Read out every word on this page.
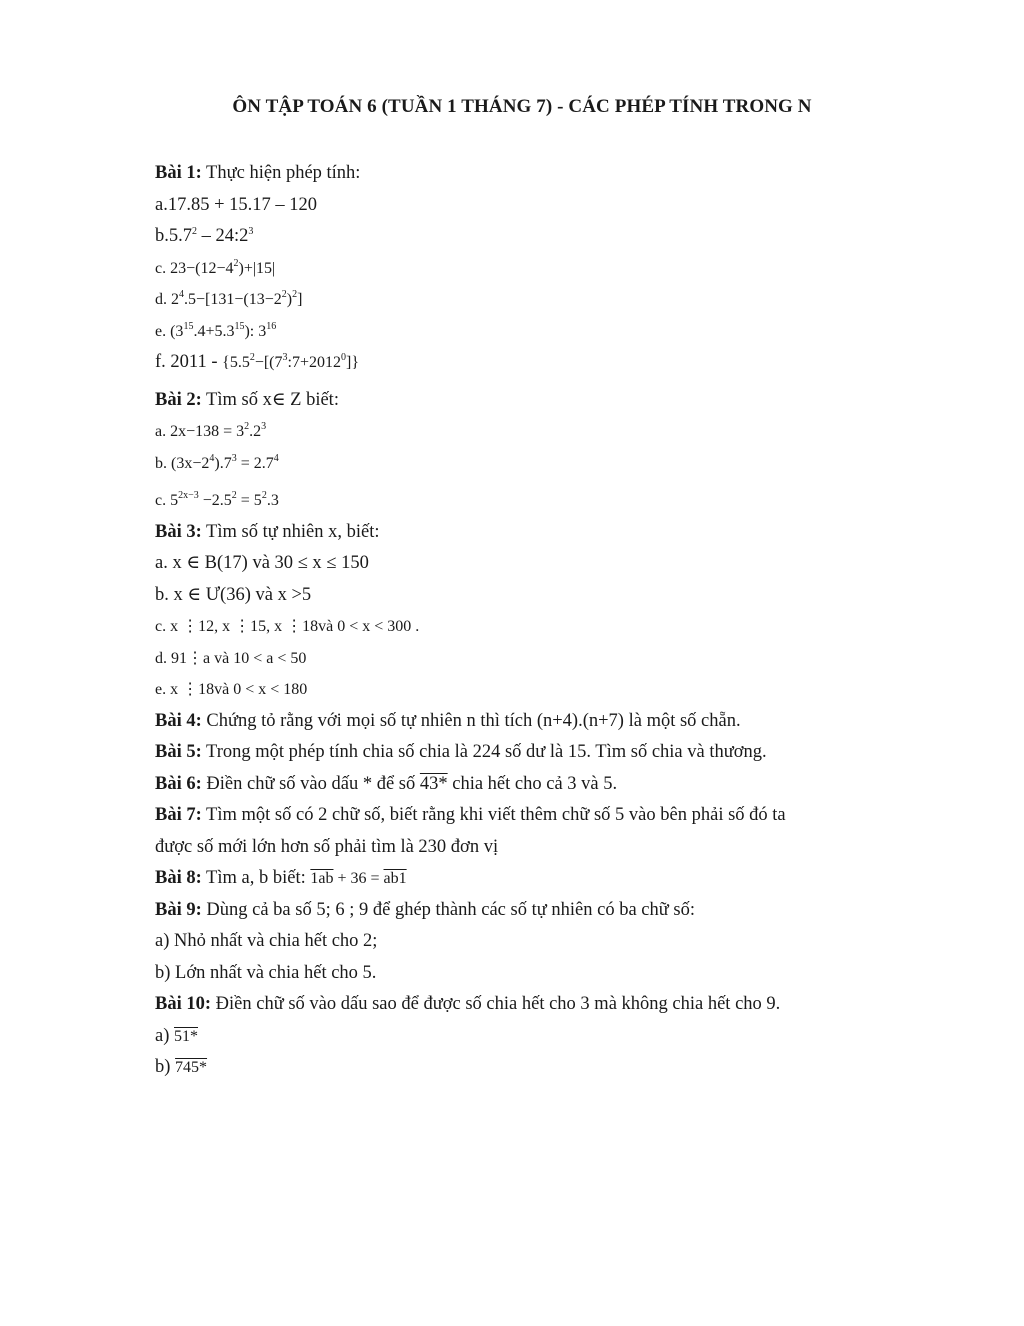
ÔN TẬP TOÁN 6 (TUẦN 1 THÁNG 7) - CÁC PHÉP TÍNH TRONG N
Bài 1: Thực hiện phép tính:
a.17.85 + 15.17 – 120
$b.5.7^2 - 24:2^3$
c. $23-(12-4^2)+|15|$
d. $2^4.5-[131-(13-2^2)^2]$
e. $(3^{15}.4+5.3^{15})$: $3^{16}$
f. $2011 - \{5.5^2-[(7^3:7+2012^0]\}$
Bài 2: Tìm số x∈ Z biết:
a. $2x-138 = 3^2.2^3$
b. $(3x-2^4).7^3 = 2.7^4$
c. $5^{2x-3} -2.5^2 = 5^2.3$
Bài 3: Tìm số tự nhiên x, biết:
a. x ∈ B(17) và 30 ≤ x ≤ 150
b. x ∈ Ư(36) và x >5
c. x ⋮12, x ⋮15, x ⋮18và 0 < x < 300 .
d. 91⋮a và 10 < a < 50
e. x ⋮18và 0 < x < 180
Bài 4: Chứng tỏ rằng với mọi số tự nhiên n thì tích (n+4).(n+7) là một số chẵn.
Bài 5: Trong một phép tính chia số chia là 224 số dư là 15. Tìm số chia và thương.
Bài 6: Điền chữ số vào dấu * để số 43* chia hết cho cả 3 và 5.
Bài 7: Tìm một số có 2 chữ số, biết rằng khi viết thêm chữ số 5 vào bên phải số đó ta
được số mới lớn hơn số phải tìm là 230 đơn vị
Bài 8: Tìm a, b biết: 1ab + 36 = ab1
Bài 9: Dùng cả ba số 5; 6 ; 9 để ghép thành các số tự nhiên có ba chữ số:
a) Nhỏ nhất và chia hết cho 2;
b) Lớn nhất và chia hết cho 5.
Bài 10: Điền chữ số vào dấu sao để được số chia hết cho 3 mà không chia hết cho 9.
a) 51*
b) 745*
